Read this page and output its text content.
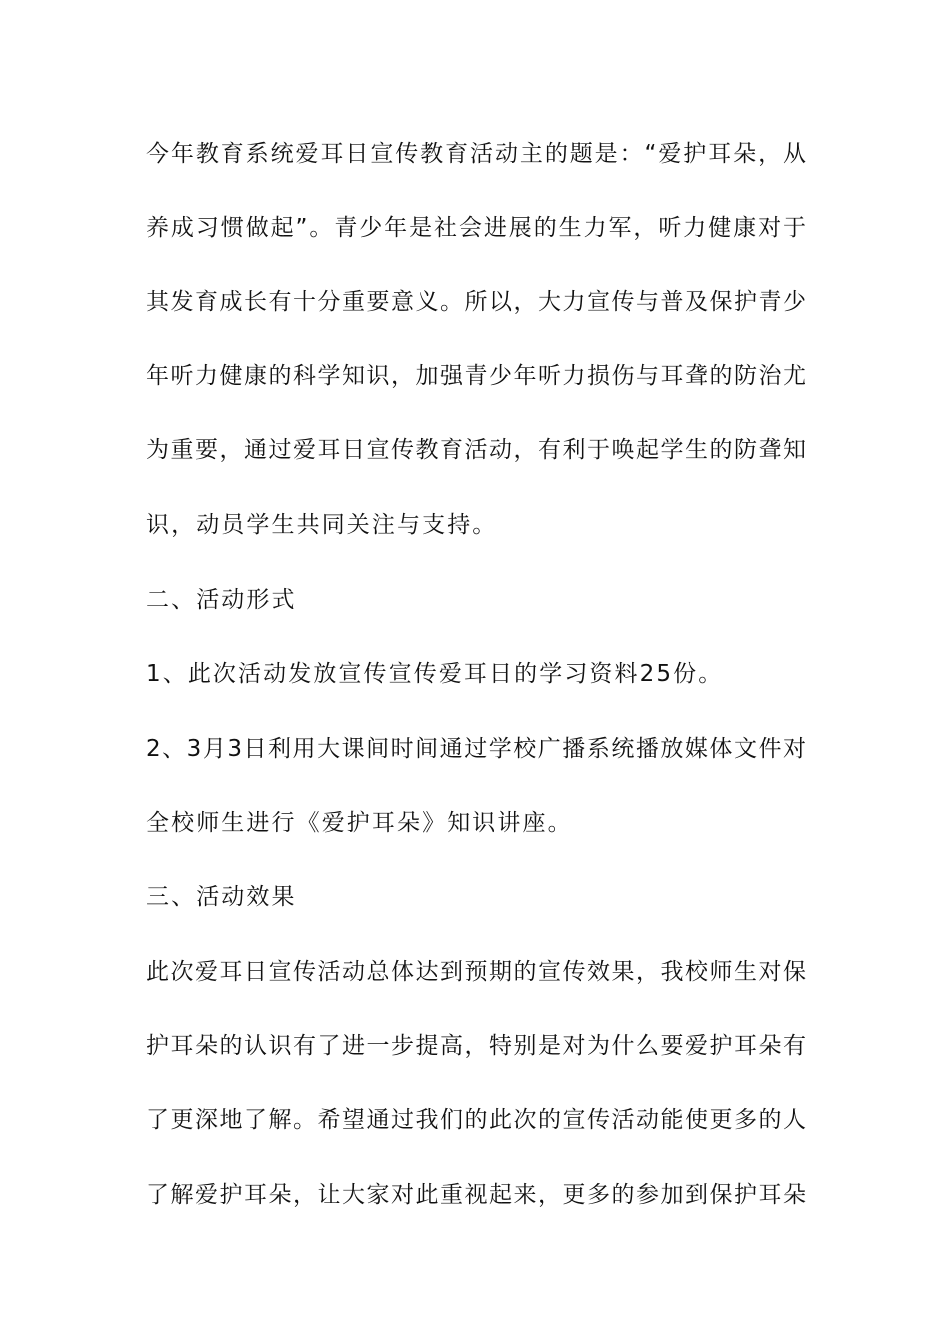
今年教育系统爱耳日宣传教育活动主的题是：“爱护耳朵，从
养成习惯做起”。青少年是社会进展的生力军，听力健康对于
其发育成长有十分重要意义。所以，大力宣传与普及保护青少
年听力健康的科学知识，加强青少年听力损伤与耳聋的防治尤
为重要，通过爱耳日宣传教育活动，有利于唤起学生的防聋知
识，动员学生共同关注与支持。
二、活动形式
1、此次活动发放宣传宣传爱耳日的学习资料25份。
2、3月3日利用大课间时间通过学校广播系统播放媒体文件对
全校师生进行《爱护耳朵》知识讲座。
三、活动效果
此次爱耳日宣传活动总体达到预期的宣传效果，我校师生对保
护耳朵的认识有了进一步提高，特别是对为什么要爱护耳朵有
了更深地了解。希望通过我们的此次的宣传活动能使更多的人
了解爱护耳朵，让大家对此重视起来，更多的参加到保护耳朵
